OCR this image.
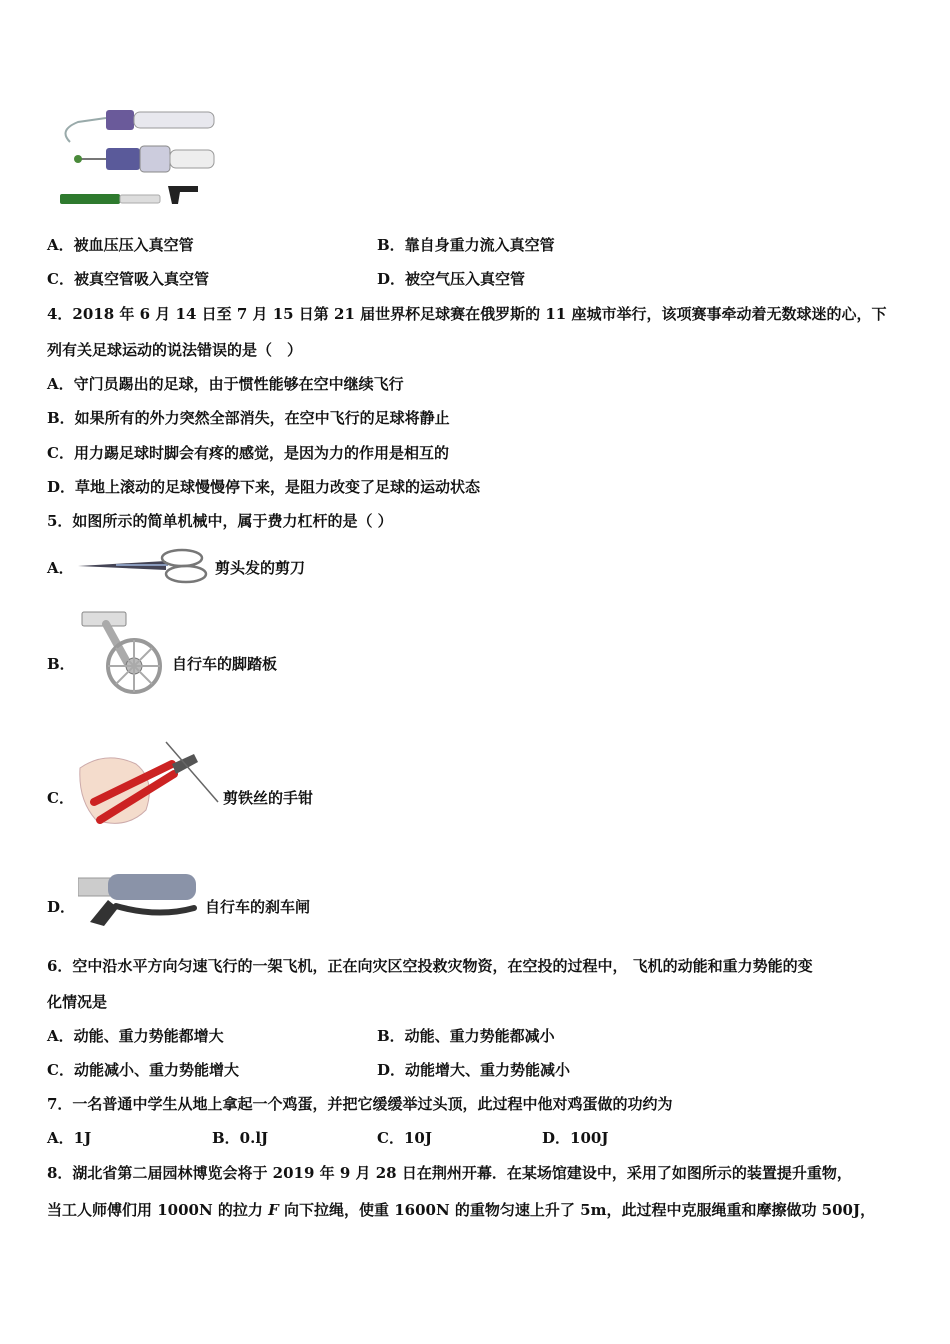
A．被血压压入真空管	B．靠自身重力流入真空管
C．被真空管吸入真空管	D．被空气压入真空管
4．2018 年 6 月 14 日至 7 月 15 日第 21 届世界杯足球赛在俄罗斯的 11 座城市举行，该项赛事牵动着无数球迷的心，下
列有关足球运动的说法错误的是（　）
A．守门员踢出的足球，由于惯性能够在空中继续飞行
B．如果所有的外力突然全部消失，在空中飞行的足球将静止
C．用力踢足球时脚会有疼的感觉，是因为力的作用是相互的
D．草地上滚动的足球慢慢停下来，是阻力改变了足球的运动状态
5．如图所示的简单机械中，属于费力杠杆的是（ ）
A．	剪头发的剪刀
B．	自行车的脚踏板
C．	剪铁丝的手钳
D．	自行车的刹车闸
6．空中沿水平方向匀速飞行的一架飞机，正在向灾区空投救灾物资，在空投的过程中， 飞机的动能和重力势能的变
化情况是
A．动能、重力势能都增大	B．动能、重力势能都减小
C．动能减小、重力势能增大	D．动能增大、重力势能减小
7．一名普通中学生从地上拿起一个鸡蛋，并把它缓缓举过头顶，此过程中他对鸡蛋做的功约为
A．1J	B．0.lJ	C．10J	D．100J
8．湖北省第二届园林博览会将于 2019 年 9 月 28 日在荆州开幕．在某场馆建设中，采用了如图所示的装置提升重物，
当工人师傅们用 1000N 的拉力 F 向下拉绳，使重 1600N 的重物匀速上升了 5m，此过程中克服绳重和摩擦做功 500J，
